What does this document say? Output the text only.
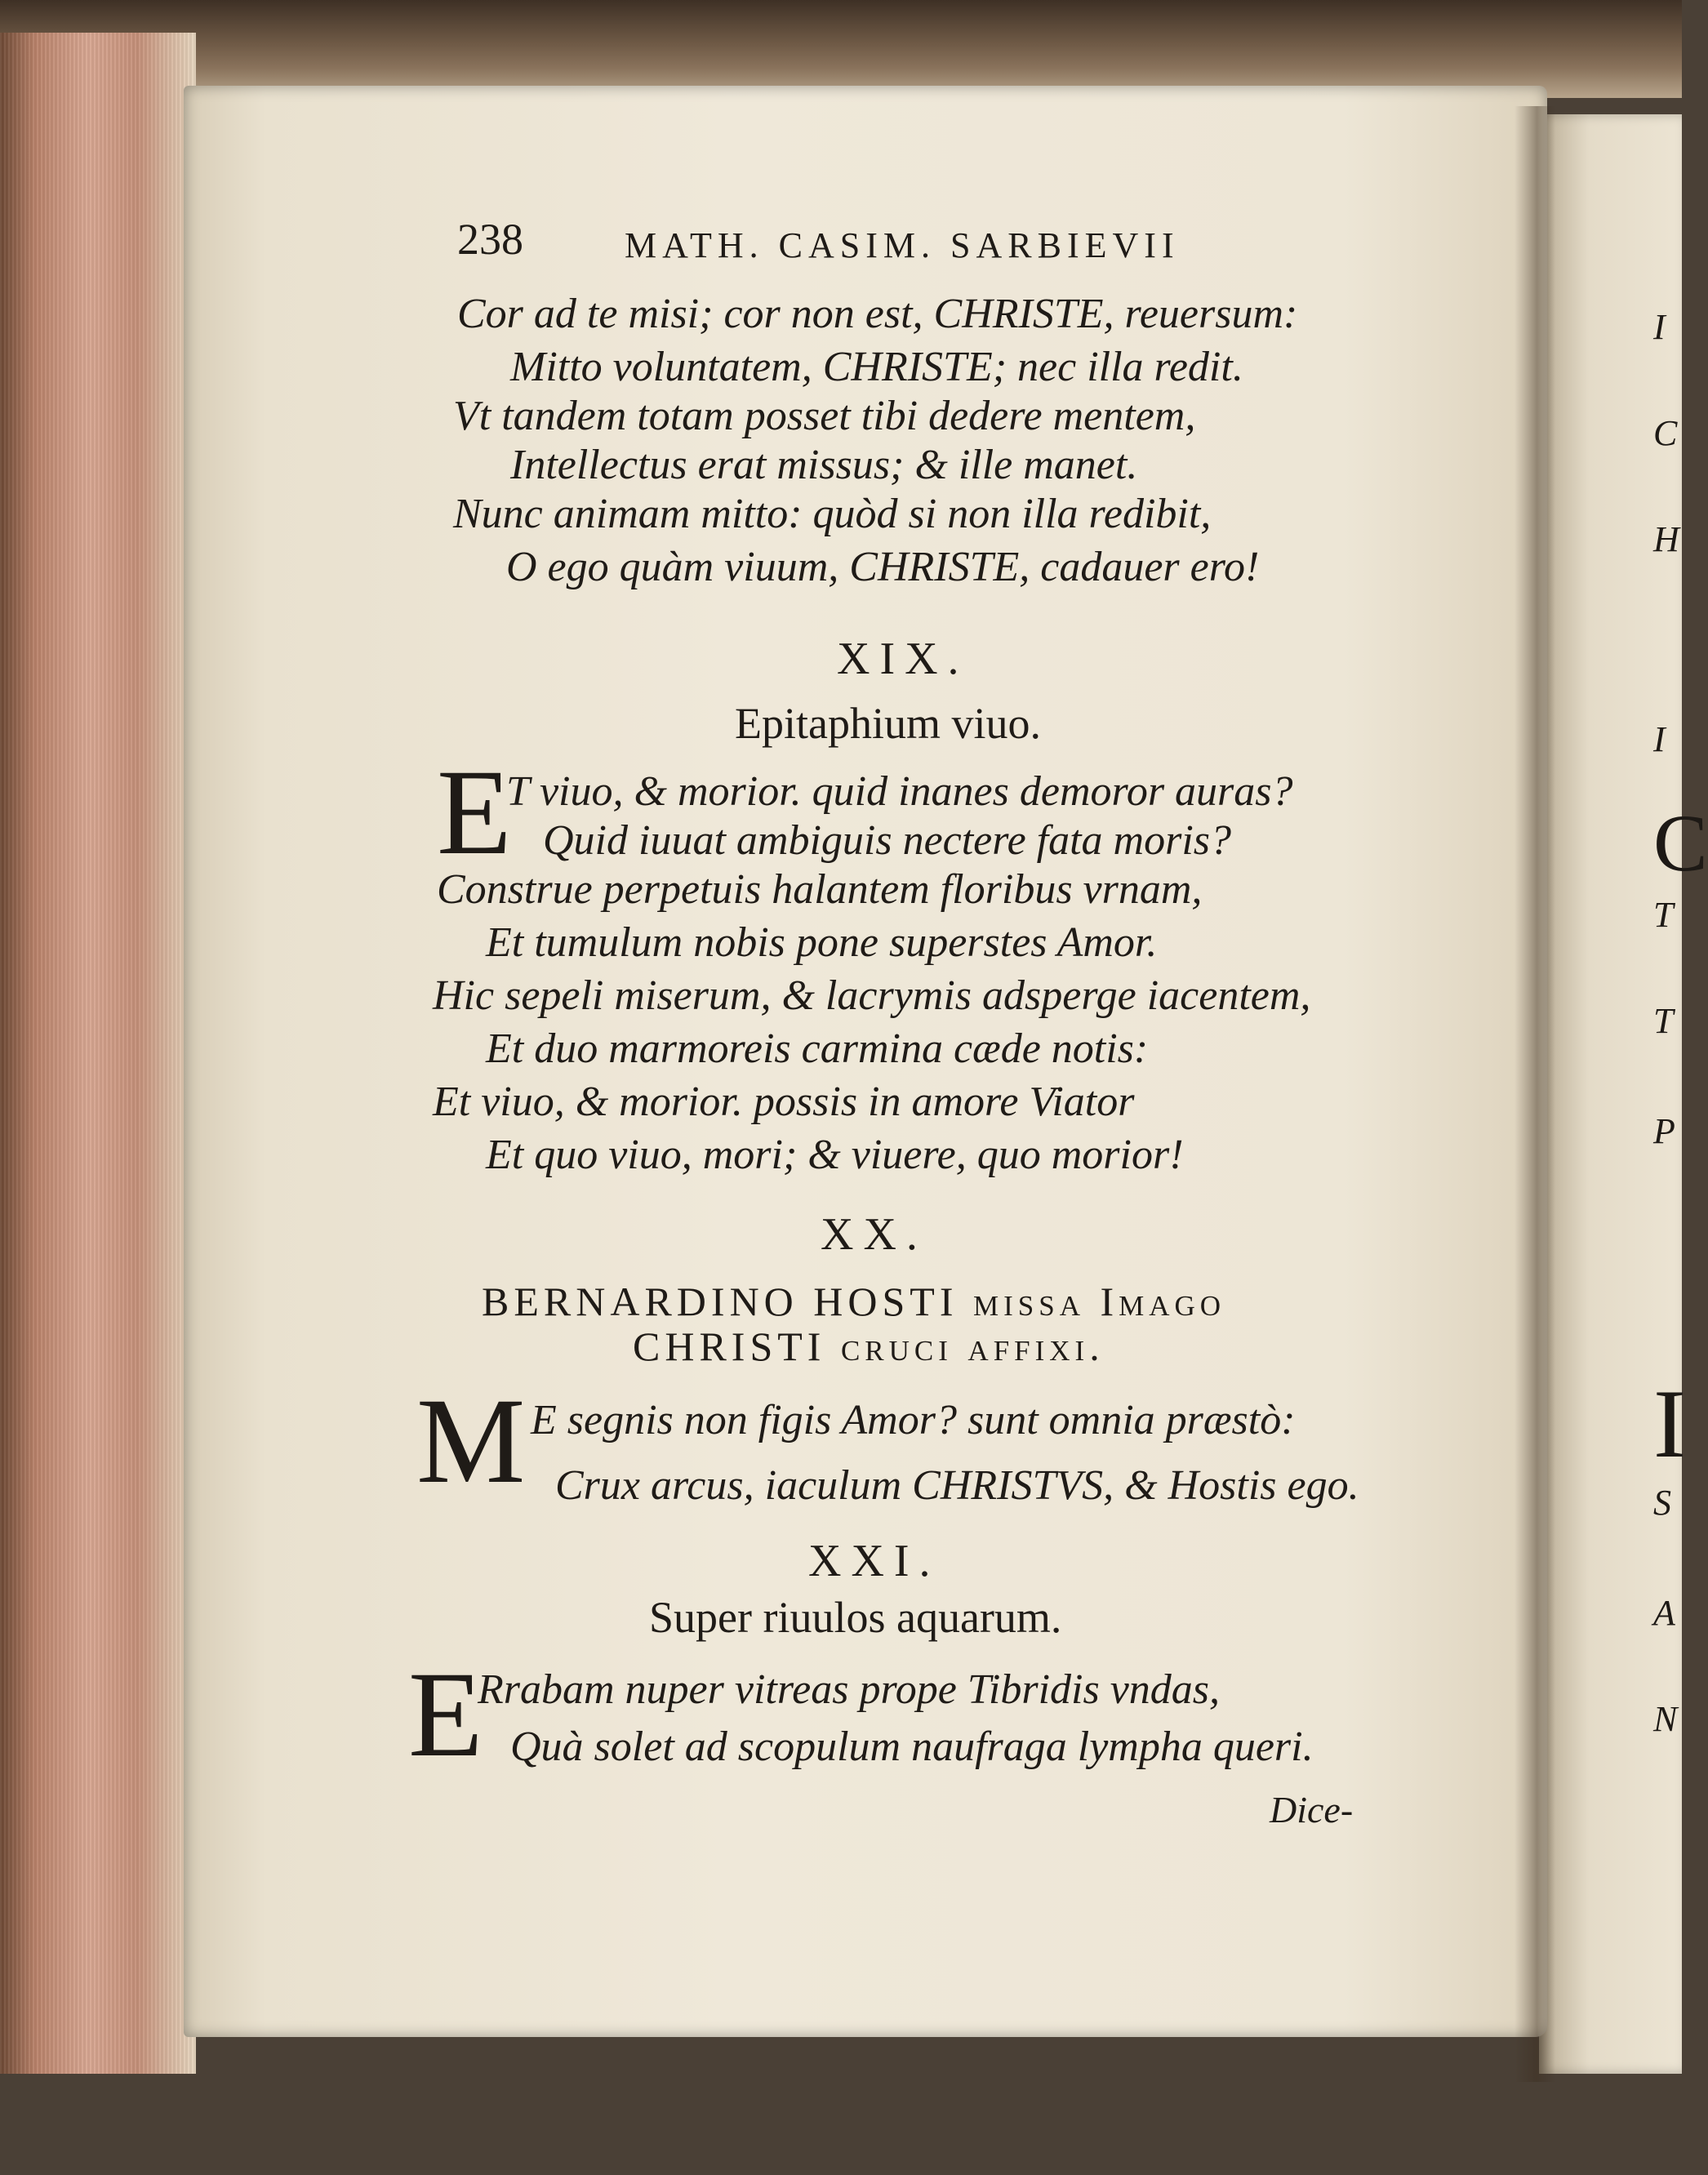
I
C
H
I
C
T
T
P
I
S
A
N
238	MATH. CASIM. SARBIEVII
Cor ad te misi; cor non est, CHRISTE, reuersum:
Mitto voluntatem, CHRISTE; nec illa redit.
Vt tandem totam posset tibi dedere mentem,
Intellectus erat missus; & ille manet.
Nunc animam mitto: quòd si non illa redibit,
O ego quàm viuum, CHRISTE, cadauer ero!
XIX.
Epitaphium viuo.
E
T viuo, & morior. quid inanes demoror auras?
Quid iuuat ambiguis nectere fata moris?
Construe perpetuis halantem floribus vrnam,
Et tumulum nobis pone superstes Amor.
Hic sepeli miserum, & lacrymis adsperge iacentem,
Et duo marmoreis carmina cæde notis:
Et viuo, & morior. possis in amore Viator
Et quo viuo, mori; & viuere, quo morior!
XX.
BERNARDINO HOSTI missa Imago
CHRISTI cruci affixi.
M E segnis non figis Amor? sunt omnia præstò:
Crux arcus, iaculum CHRISTVS, & Hostis ego.
XXI.
Super riuulos aquarum.
E
Rrabam nuper vitreas prope Tibridis vndas,
Quà solet ad scopulum naufraga lympha queri.
Dice-
